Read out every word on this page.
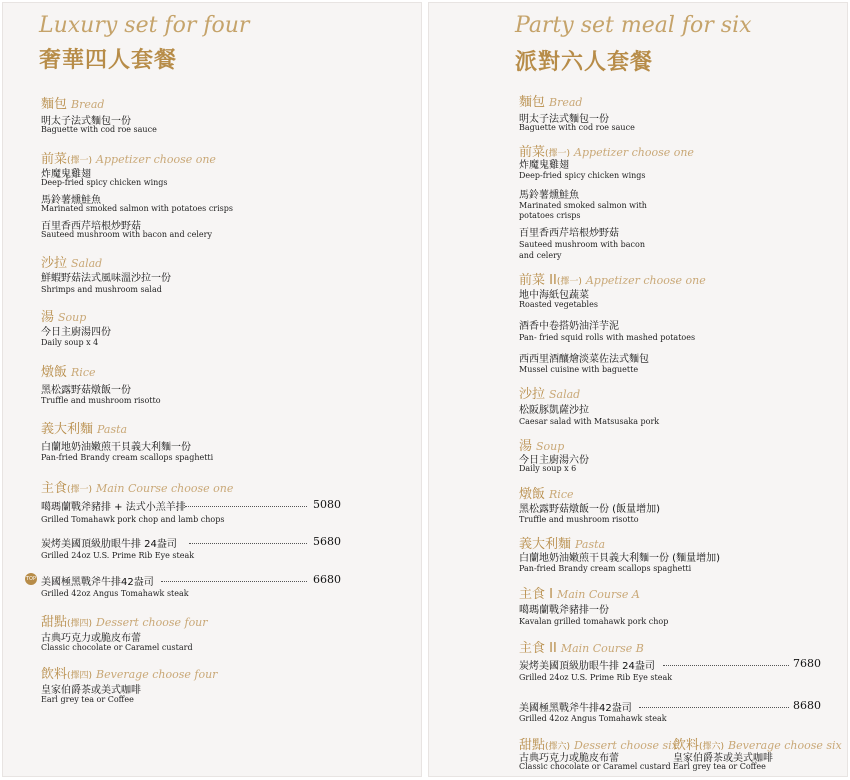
Luxury set for four
奢華四人套餐
麵包 Bread
明太子法式麵包一份
Baguette with cod roe sauce
前菜(擇一) Appetizer choose one
炸魔鬼雞翅
Deep-fried spicy chicken wings
馬鈴薯燻鮭魚
Marinated smoked salmon with potatoes crisps
百里香西芹培根炒野菇
Sauteed mushroom with bacon and celery
沙拉 Salad
鮮蝦野菇法式風味溫沙拉一份
Shrimps and mushroom salad
湯 Soup
今日主廚湯四份
Daily soup x 4
燉飯 Rice
黑松露野菇燉飯一份
Truffle and mushroom risotto
義大利麵 Pasta
白蘭地奶油嫩煎干貝義大利麵一份
Pan-fried Brandy cream scallops spaghetti
主食(擇一) Main Course choose one
噶瑪蘭戰斧豬排 + 法式小羔羊排	5080
Grilled Tomahawk pork chop and lamb chops
炭烤美國頂級肋眼牛排 24盎司	5680
Grilled 24oz U.S. Prime Rib Eye steak
TOP 美國極黑戰斧牛排42盎司	6680
Grilled 42oz Angus Tomahawk steak
甜點(擇四) Dessert choose four
古典巧克力或脆皮布蕾
Classic chocolate or Caramel custard
飲料(擇四) Beverage choose four
皇家伯爵茶或美式咖啡
Earl grey tea or Coffee
Party set meal for six
派對六人套餐
麵包 Bread
明太子法式麵包一份
Baguette with cod roe sauce
前菜(擇一) Appetizer choose one
炸魔鬼雞翅
Deep-fried spicy chicken wings
馬鈴薯燻鮭魚
Marinated smoked salmon with
potatoes crisps
百里香西芹培根炒野菇
Sauteed mushroom with bacon
and celery
前菜 II(擇一) Appetizer choose one
地中海紙包蔬菜
Roasted vegetables
酒香中卷搭奶油洋芋泥
Pan- fried squid rolls with mashed potatoes
西西里酒釀燴淡菜佐法式麵包
Mussel cuisine with baguette
沙拉 Salad
松阪豚凱薩沙拉
Caesar salad with Matsusaka pork
湯 Soup
今日主廚湯六份
Daily soup x 6
燉飯 Rice
黑松露野菇燉飯一份 (飯量增加)
Truffle and mushroom risotto
義大利麵 Pasta
白蘭地奶油嫩煎干貝義大利麵一份 (麵量增加)
Pan-fried Brandy cream scallops spaghetti
主食 I Main Course A
噶瑪蘭戰斧豬排一份
Kavalan grilled tomahawk pork chop
主食 II Main Course B
炭烤美國頂級肋眼牛排 24盎司	7680
Grilled 24oz U.S. Prime Rib Eye steak
美國極黑戰斧牛排42盎司	8680
Grilled 42oz Angus Tomahawk steak
甜點(擇六) Dessert choose six
古典巧克力或脆皮布蕾
Classic chocolate or Caramel custard
飲料(擇六) Beverage choose six
皇家伯爵茶或美式咖啡
Earl grey tea or Coffee
